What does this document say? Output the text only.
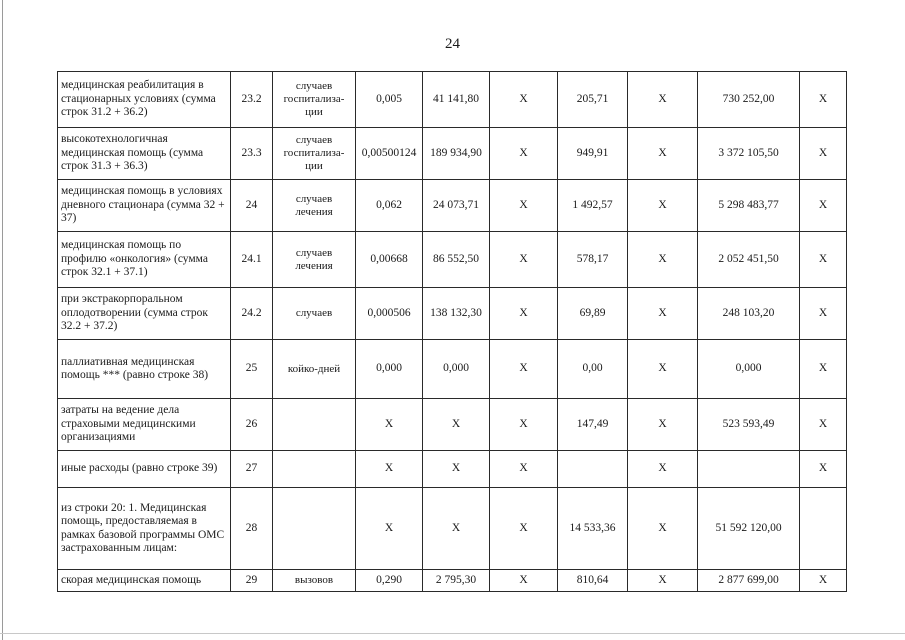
24
медицинская реабилитация в стационарных условиях (сумма строк 31.2 + 36.2)	23.2	случаев госпитализа-ции	0,005	41 141,80	X	205,71	X	730 252,00	X
высокотехнологичная медицинская помощь (сумма строк 31.3 + 36.3)	23.3	случаев госпитализа-ции	0,00500124	189 934,90	X	949,91	X	3 372 105,50	X
медицинская помощь в условиях дневного стационара (сумма 32 + 37)	24	случаев лечения	0,062	24 073,71	X	1 492,57	X	5 298 483,77	X
медицинская помощь по профилю «онкология» (сумма строк 32.1 + 37.1)	24.1	случаев лечения	0,00668	86 552,50	X	578,17	X	2 052 451,50	X
при экстракорпоральном оплодотворении (сумма строк 32.2 + 37.2)	24.2	случаев	0,000506	138 132,30	X	69,89	X	248 103,20	X
паллиативная медицинская помощь *** (равно строке 38)	25	койко-дней	0,000	0,000	X	0,00	X	0,000	X
затраты на ведение дела страховыми медицинскими организациями	26		X	X	X	147,49	X	523 593,49	X
иные расходы (равно строке 39)	27		X	X	X		X		X
из строки 20: 1. Медицинская помощь, предоставляемая в рамках базовой программы ОМС застрахованным лицам:	28		X	X	X	14 533,36	X	51 592 120,00	
скорая медицинская помощь	29	вызовов	0,290	2 795,30	X	810,64	X	2 877 699,00	X
